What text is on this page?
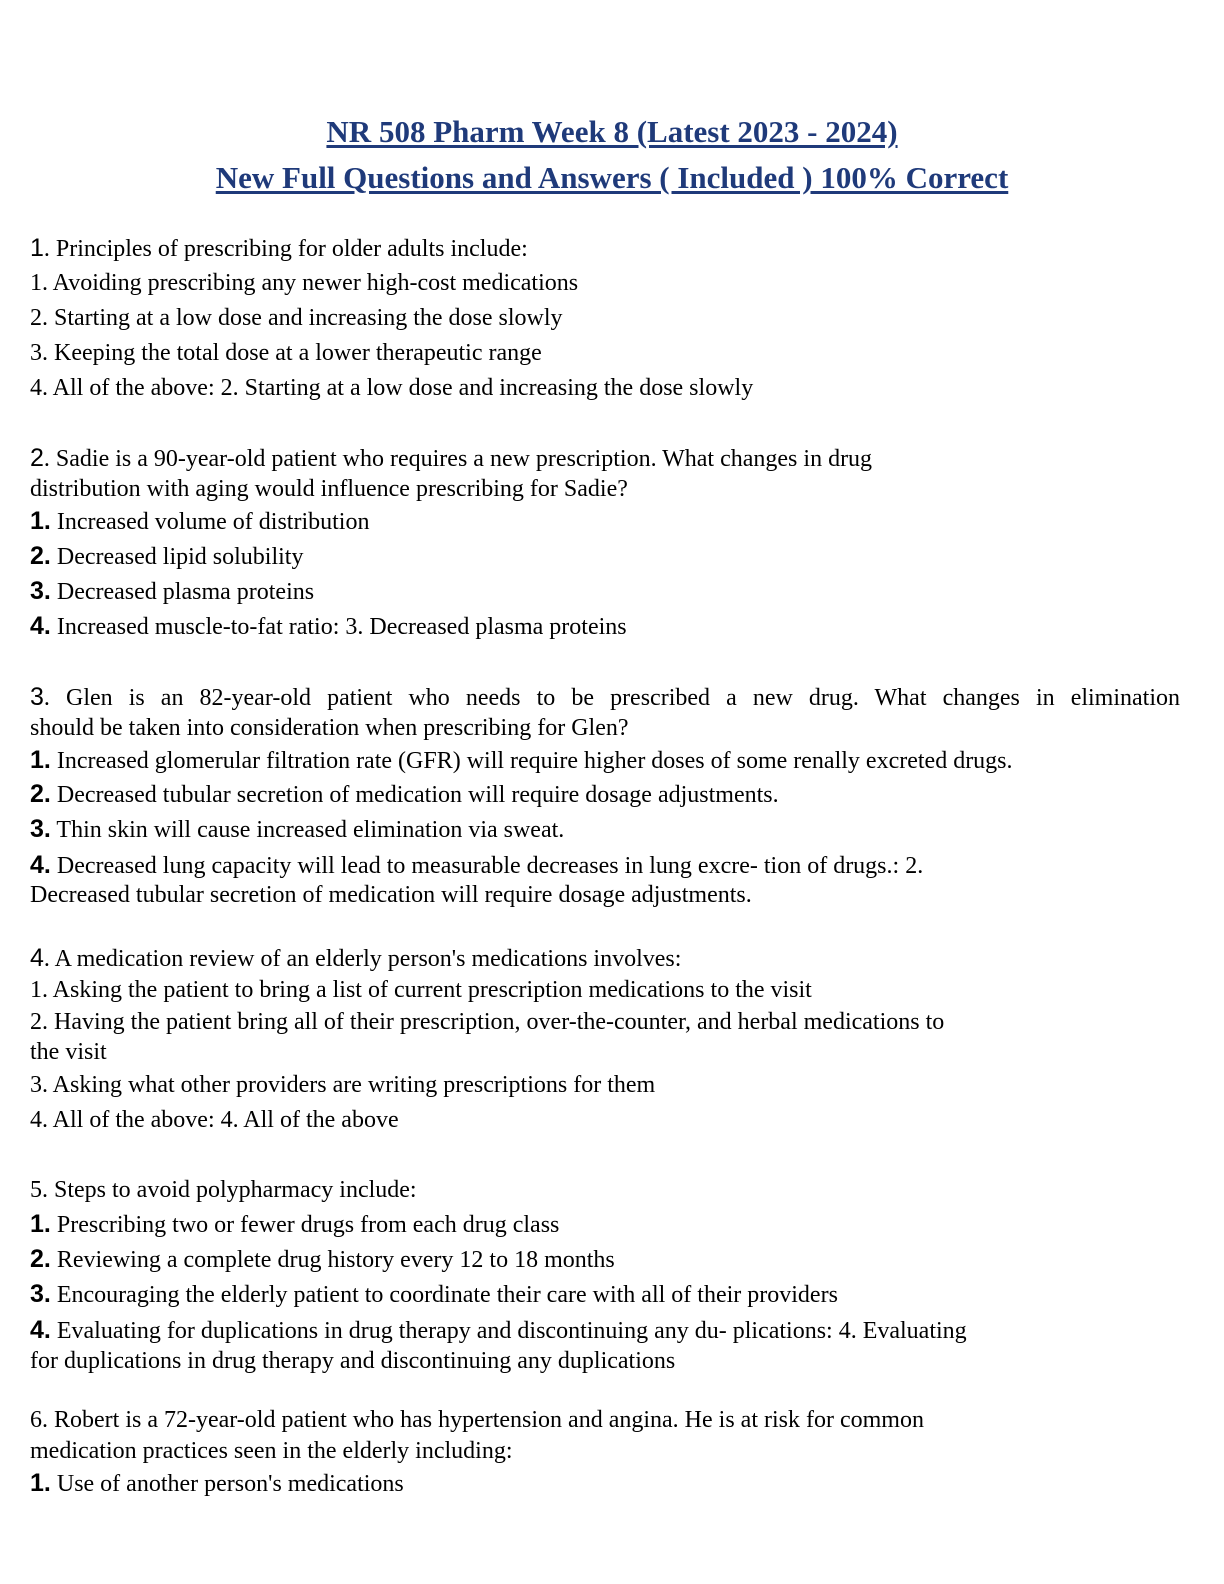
NR 508 Pharm Week 8 (Latest 2023 - 2024)
New Full Questions and Answers ( Included ) 100% Correct
1. Principles of prescribing for older adults include:
1. Avoiding prescribing any newer high-cost medications
2. Starting at a low dose and increasing the dose slowly
3. Keeping the total dose at a lower therapeutic range
4. All of the above: 2. Starting at a low dose and increasing the dose slowly
2. Sadie is a 90-year-old patient who requires a new prescription. What changes in drug
distribution with aging would influence prescribing for Sadie?
1. Increased volume of distribution
2. Decreased lipid solubility
3. Decreased plasma proteins
4. Increased muscle-to-fat ratio: 3. Decreased plasma proteins
3. Glen is an 82-year-old patient who needs to be prescribed a new drug. What changes in elimination
should be taken into consideration when prescribing for Glen?
1. Increased glomerular filtration rate (GFR) will require higher doses of some renally excreted drugs.
2. Decreased tubular secretion of medication will require dosage adjustments.
3. Thin skin will cause increased elimination via sweat.
4. Decreased lung capacity will lead to measurable decreases in lung excre- tion of drugs.: 2.
Decreased tubular secretion of medication will require dosage adjustments.
4. A medication review of an elderly person's medications involves:
1. Asking the patient to bring a list of current prescription medications to the visit
2. Having the patient bring all of their prescription, over-the-counter, and herbal medications to
the visit
3. Asking what other providers are writing prescriptions for them
4. All of the above: 4. All of the above
5. Steps to avoid polypharmacy include:
1. Prescribing two or fewer drugs from each drug class
2. Reviewing a complete drug history every 12 to 18 months
3. Encouraging the elderly patient to coordinate their care with all of their providers
4. Evaluating for duplications in drug therapy and discontinuing any du- plications: 4. Evaluating
for duplications in drug therapy and discontinuing any duplications
6. Robert is a 72-year-old patient who has hypertension and angina. He is at risk for common
medication practices seen in the elderly including:
1. Use of another person's medications
